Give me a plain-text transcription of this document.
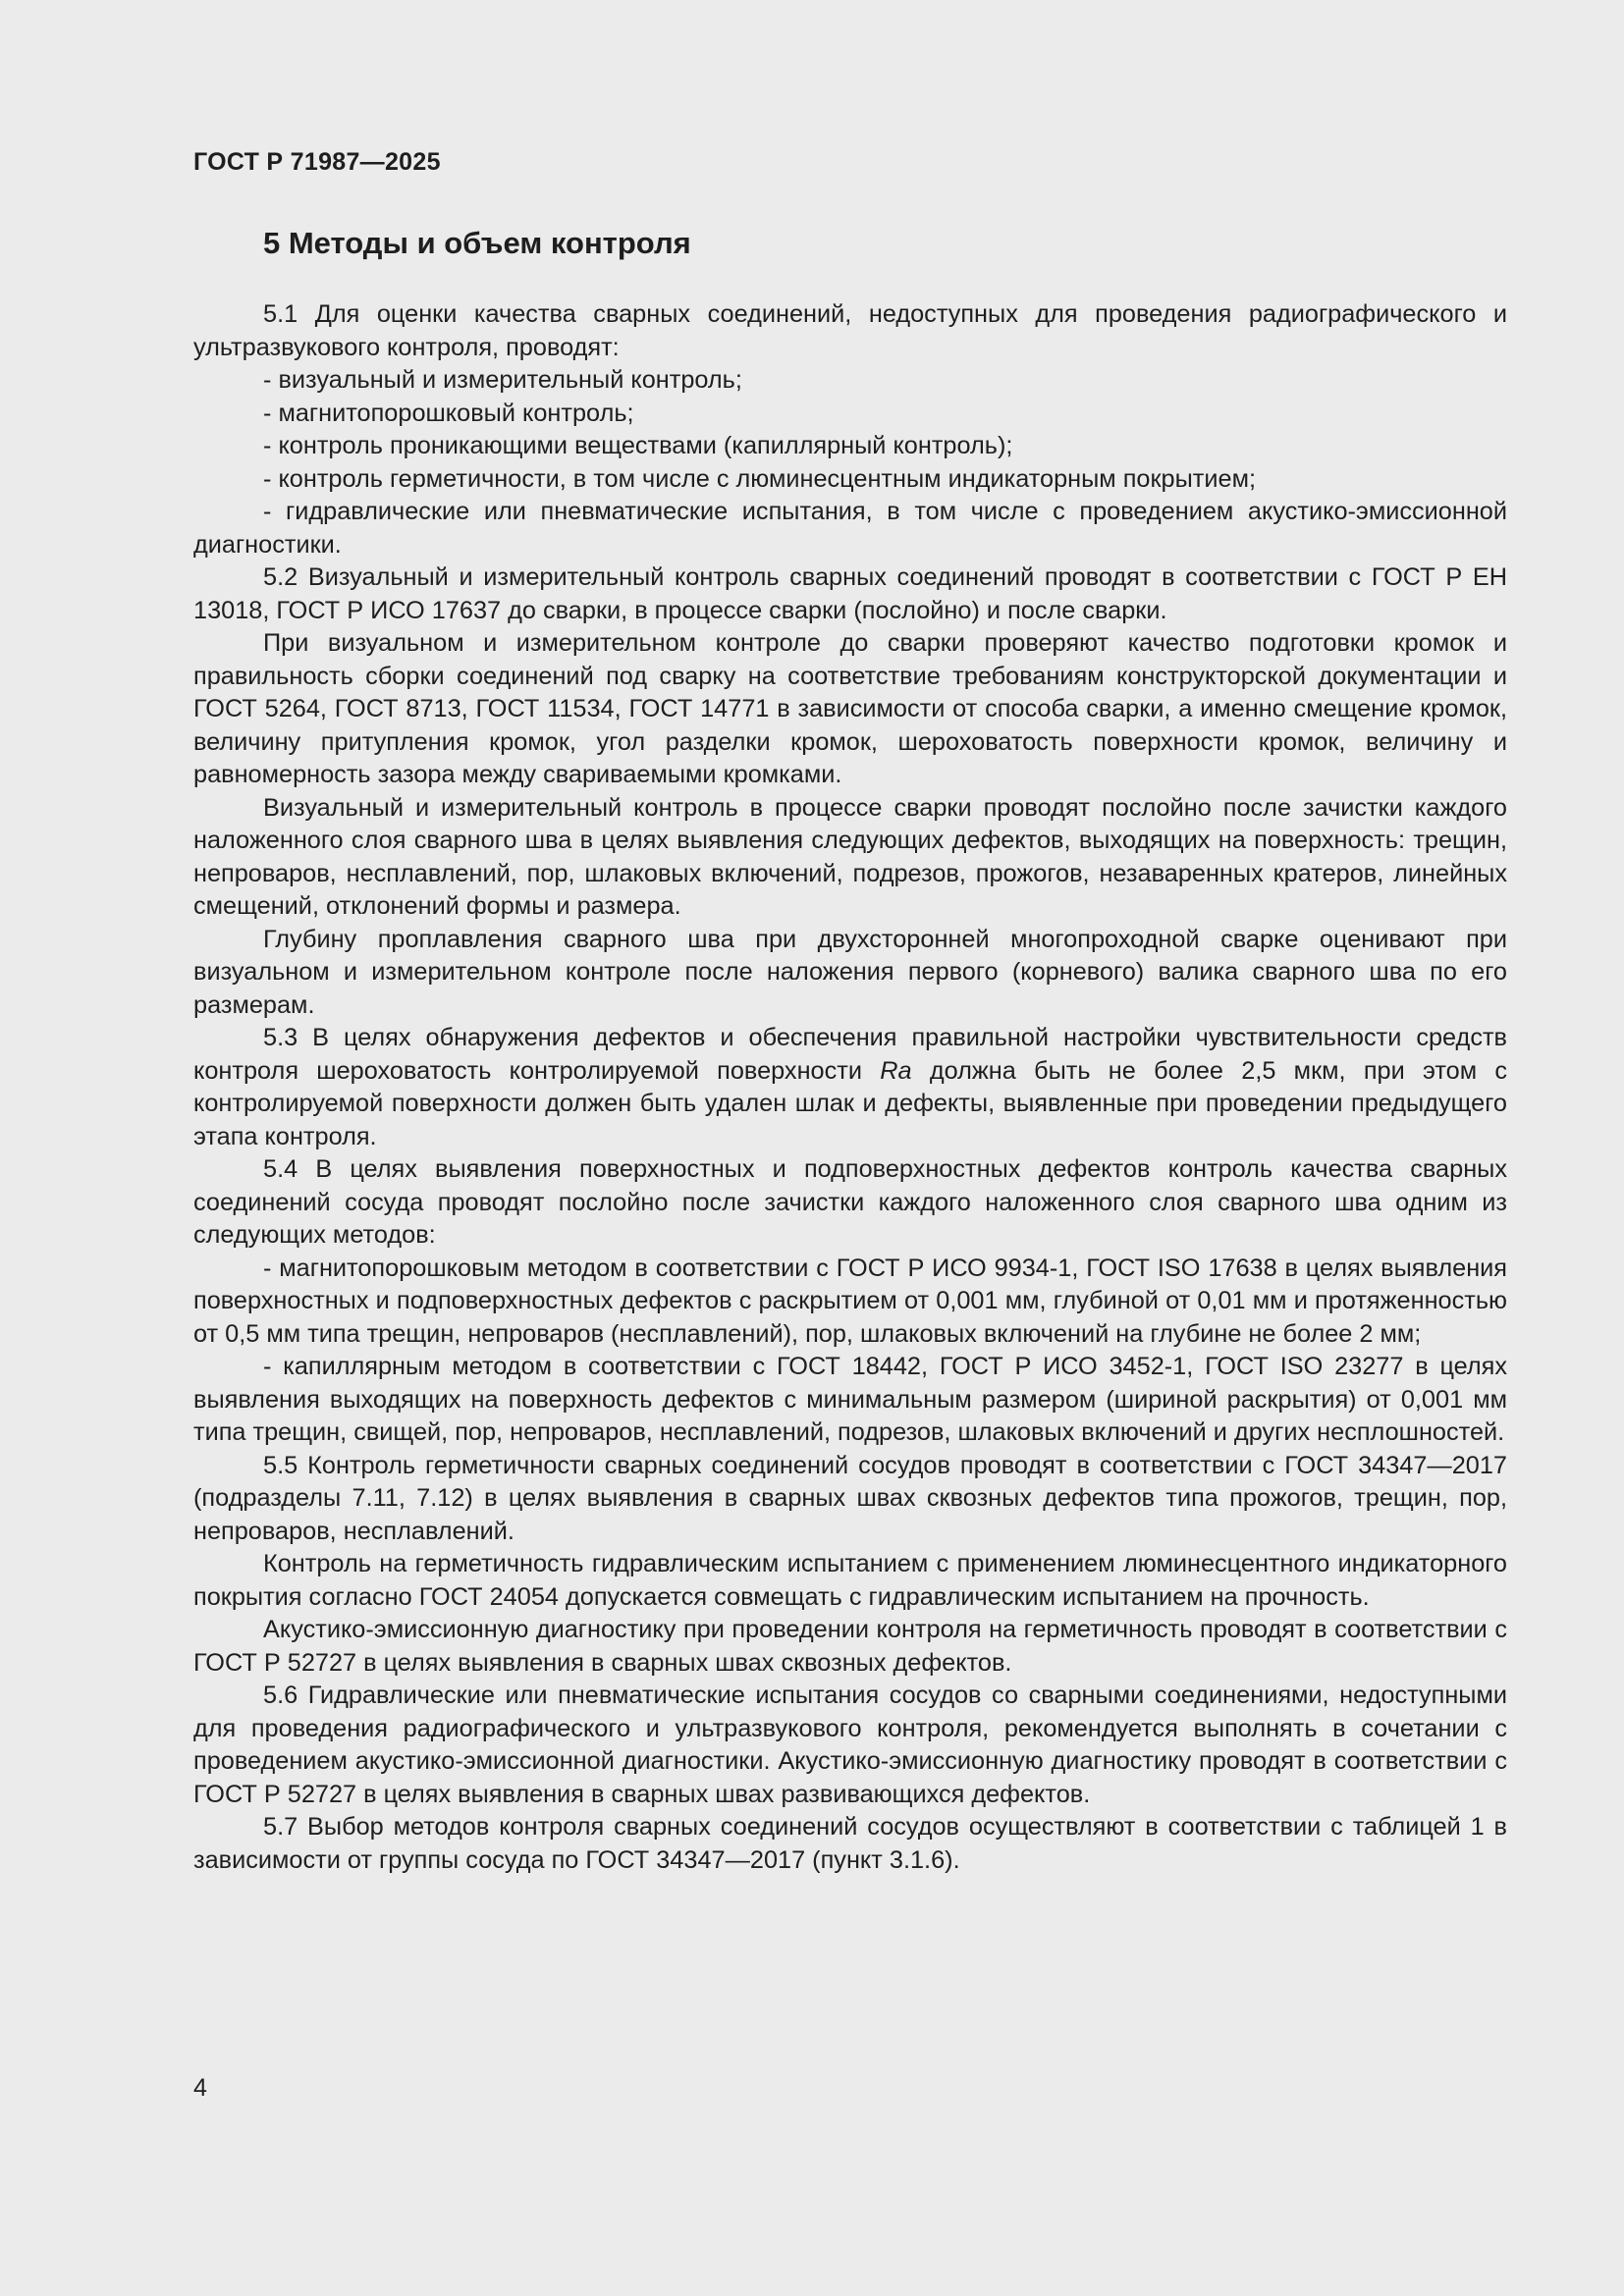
ГОСТ Р 71987—2025
5 Методы и объем контроля

5.1 Для оценки качества сварных соединений, недоступных для проведения радиографического и ультразвукового контроля, проводят:

- визуальный и измерительный контроль;

- магнитопорошковый контроль;

- контроль проникающими веществами (капиллярный контроль);

- контроль герметичности, в том числе с люминесцентным индикаторным покрытием;

- гидравлические или пневматические испытания, в том числе с проведением акустико-эмиссионной диагностики.

5.2 Визуальный и измерительный контроль сварных соединений проводят в соответствии с ГОСТ Р ЕН 13018, ГОСТ Р ИСО 17637 до сварки, в процессе сварки (послойно) и после сварки.

При визуальном и измерительном контроле до сварки проверяют качество подготовки кромок и правильность сборки соединений под сварку на соответствие требованиям конструкторской документации и ГОСТ 5264, ГОСТ 8713, ГОСТ 11534, ГОСТ 14771 в зависимости от способа сварки, а именно смещение кромок, величину притупления кромок, угол разделки кромок, шероховатость поверхности кромок, величину и равномерность зазора между свариваемыми кромками.

Визуальный и измерительный контроль в процессе сварки проводят послойно после зачистки каждого наложенного слоя сварного шва в целях выявления следующих дефектов, выходящих на поверхность: трещин, непроваров, несплавлений, пор, шлаковых включений, подрезов, прожогов, незаваренных кратеров, линейных смещений, отклонений формы и размера.

Глубину проплавления сварного шва при двухсторонней многопроходной сварке оценивают при визуальном и измерительном контроле после наложения первого (корневого) валика сварного шва по его размерам.

5.3 В целях обнаружения дефектов и обеспечения правильной настройки чувствительности средств контроля шероховатость контролируемой поверхности Ra должна быть не более 2,5 мкм, при этом с контролируемой поверхности должен быть удален шлак и дефекты, выявленные при проведении предыдущего этапа контроля.

5.4 В целях выявления поверхностных и подповерхностных дефектов контроль качества сварных соединений сосуда проводят послойно после зачистки каждого наложенного слоя сварного шва одним из следующих методов:

- магнитопорошковым методом в соответствии с ГОСТ Р ИСО 9934-1, ГОСТ ISO 17638 в целях выявления поверхностных и подповерхностных дефектов с раскрытием от 0,001 мм, глубиной от 0,01 мм и протяженностью от 0,5 мм типа трещин, непроваров (несплавлений), пор, шлаковых включений на глубине не более 2 мм;

- капиллярным методом в соответствии с ГОСТ 18442, ГОСТ Р ИСО 3452-1, ГОСТ ISO 23277 в целях выявления выходящих на поверхность дефектов с минимальным размером (шириной раскрытия) от 0,001 мм типа трещин, свищей, пор, непроваров, несплавлений, подрезов, шлаковых включений и других несплошностей.

5.5 Контроль герметичности сварных соединений сосудов проводят в соответствии с ГОСТ 34347—2017 (подразделы 7.11, 7.12) в целях выявления в сварных швах сквозных дефектов типа прожогов, трещин, пор, непроваров, несплавлений.

Контроль на герметичность гидравлическим испытанием с применением люминесцентного индикаторного покрытия согласно ГОСТ 24054 допускается совмещать с гидравлическим испытанием на прочность.

Акустико-эмиссионную диагностику при проведении контроля на герметичность проводят в соответствии с ГОСТ Р 52727 в целях выявления в сварных швах сквозных дефектов.

5.6 Гидравлические или пневматические испытания сосудов со сварными соединениями, недоступными для проведения радиографического и ультразвукового контроля, рекомендуется выполнять в сочетании с проведением акустико-эмиссионной диагностики. Акустико-эмиссионную диагностику проводят в соответствии с ГОСТ Р 52727 в целях выявления в сварных швах развивающихся дефектов.

5.7 Выбор методов контроля сварных соединений сосудов осуществляют в соответствии с таблицей 1 в зависимости от группы сосуда по ГОСТ 34347—2017 (пункт 3.1.6).

4
